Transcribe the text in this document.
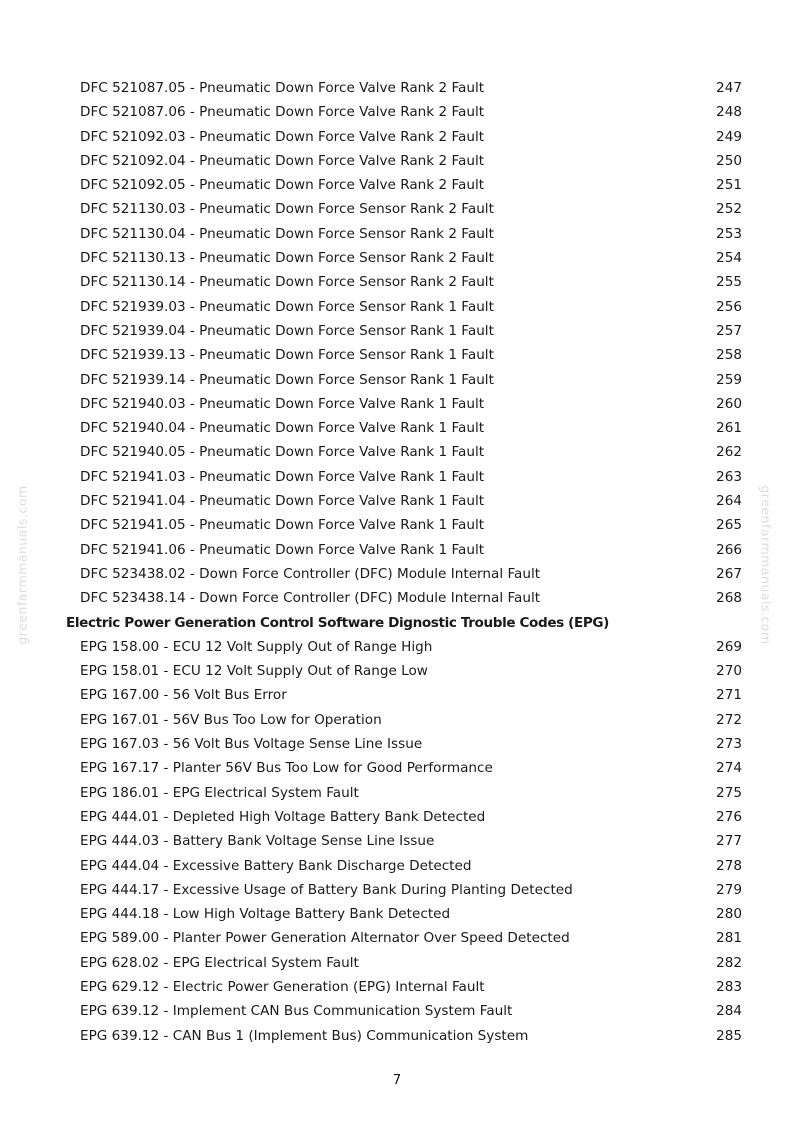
greenfarmmanuals.com	greenfarmmanuals.com
DFC 521087.05 - Pneumatic Down Force Valve Rank 2 Fault	247
DFC 521087.06 - Pneumatic Down Force Valve Rank 2 Fault	248
DFC 521092.03 - Pneumatic Down Force Valve Rank 2 Fault	249
DFC 521092.04 - Pneumatic Down Force Valve Rank 2 Fault	250
DFC 521092.05 - Pneumatic Down Force Valve Rank 2 Fault	251
DFC 521130.03 - Pneumatic Down Force Sensor Rank 2 Fault	252
DFC 521130.04 - Pneumatic Down Force Sensor Rank 2 Fault	253
DFC 521130.13 - Pneumatic Down Force Sensor Rank 2 Fault	254
DFC 521130.14 - Pneumatic Down Force Sensor Rank 2 Fault	255
DFC 521939.03 - Pneumatic Down Force Sensor Rank 1 Fault	256
DFC 521939.04 - Pneumatic Down Force Sensor Rank 1 Fault	257
DFC 521939.13 - Pneumatic Down Force Sensor Rank 1 Fault	258
DFC 521939.14 - Pneumatic Down Force Sensor Rank 1 Fault	259
DFC 521940.03 - Pneumatic Down Force Valve Rank 1 Fault	260
DFC 521940.04 - Pneumatic Down Force Valve Rank 1 Fault	261
DFC 521940.05 - Pneumatic Down Force Valve Rank 1 Fault	262
DFC 521941.03 - Pneumatic Down Force Valve Rank 1 Fault	263
DFC 521941.04 - Pneumatic Down Force Valve Rank 1 Fault	264
DFC 521941.05 - Pneumatic Down Force Valve Rank 1 Fault	265
DFC 521941.06 - Pneumatic Down Force Valve Rank 1 Fault	266
DFC 523438.02 - Down Force Controller (DFC) Module Internal Fault	267
DFC 523438.14 - Down Force Controller (DFC) Module Internal Fault	268
Electric Power Generation Control Software Dignostic Trouble Codes (EPG)
EPG 158.00 - ECU 12 Volt Supply Out of Range High	269
EPG 158.01 - ECU 12 Volt Supply Out of Range Low	270
EPG 167.00 - 56 Volt Bus Error	271
EPG 167.01 - 56V Bus Too Low for Operation	272
EPG 167.03 - 56 Volt Bus Voltage Sense Line Issue	273
EPG 167.17 - Planter 56V Bus Too Low for Good Performance	274
EPG 186.01 - EPG Electrical System Fault	275
EPG 444.01 - Depleted High Voltage Battery Bank Detected	276
EPG 444.03 - Battery Bank Voltage Sense Line Issue	277
EPG 444.04 - Excessive Battery Bank Discharge Detected	278
EPG 444.17 - Excessive Usage of Battery Bank During Planting Detected	279
EPG 444.18 - Low High Voltage Battery Bank Detected	280
EPG 589.00 - Planter Power Generation Alternator Over Speed Detected	281
EPG 628.02 - EPG Electrical System Fault	282
EPG 629.12 - Electric Power Generation (EPG) Internal Fault	283
EPG 639.12 - Implement CAN Bus Communication System Fault	284
EPG 639.12 - CAN Bus 1 (Implement Bus) Communication System	285
7
